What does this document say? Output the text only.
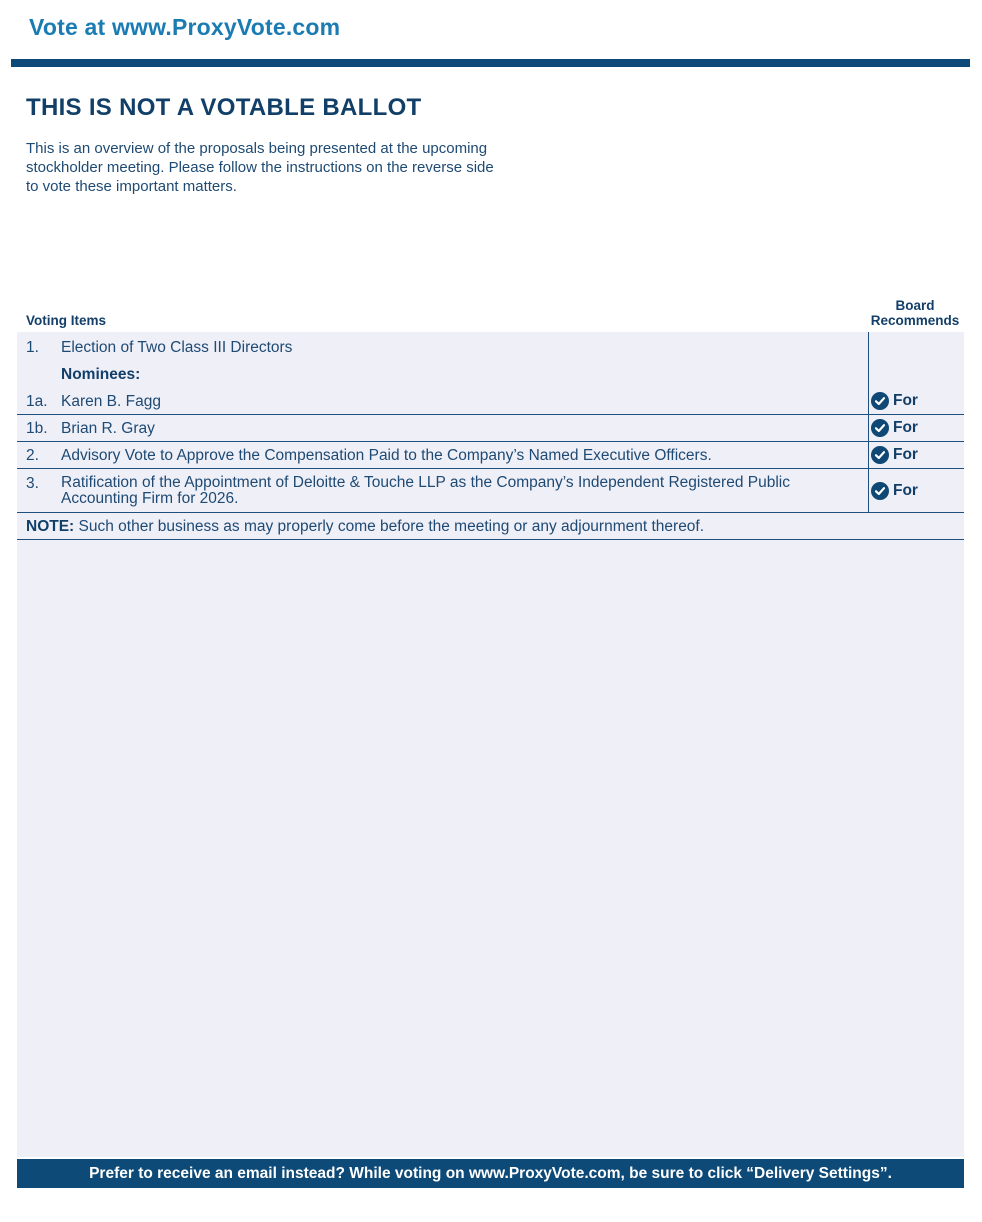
Vote at www.ProxyVote.com
THIS IS NOT A VOTABLE BALLOT

This is an overview of the proposals being presented at the upcoming stockholder meeting. Please follow the instructions on the reverse side to vote these important matters.

Voting Items
Board Recommends
1. Election of Two Class III Directors
Nominees:
1a. Karen B. Fagg	For
1b. Brian R. Gray	For
2. Advisory Vote to Approve the Compensation Paid to the Company’s Named Executive Officers.	For
3. Ratification of the Appointment of Deloitte & Touche LLP as the Company’s Independent Registered Public Accounting Firm for 2026.	For
NOTE: Such other business as may properly come before the meeting or any adjournment thereof.
Prefer to receive an email instead? While voting on www.ProxyVote.com, be sure to click “Delivery Settings”.
